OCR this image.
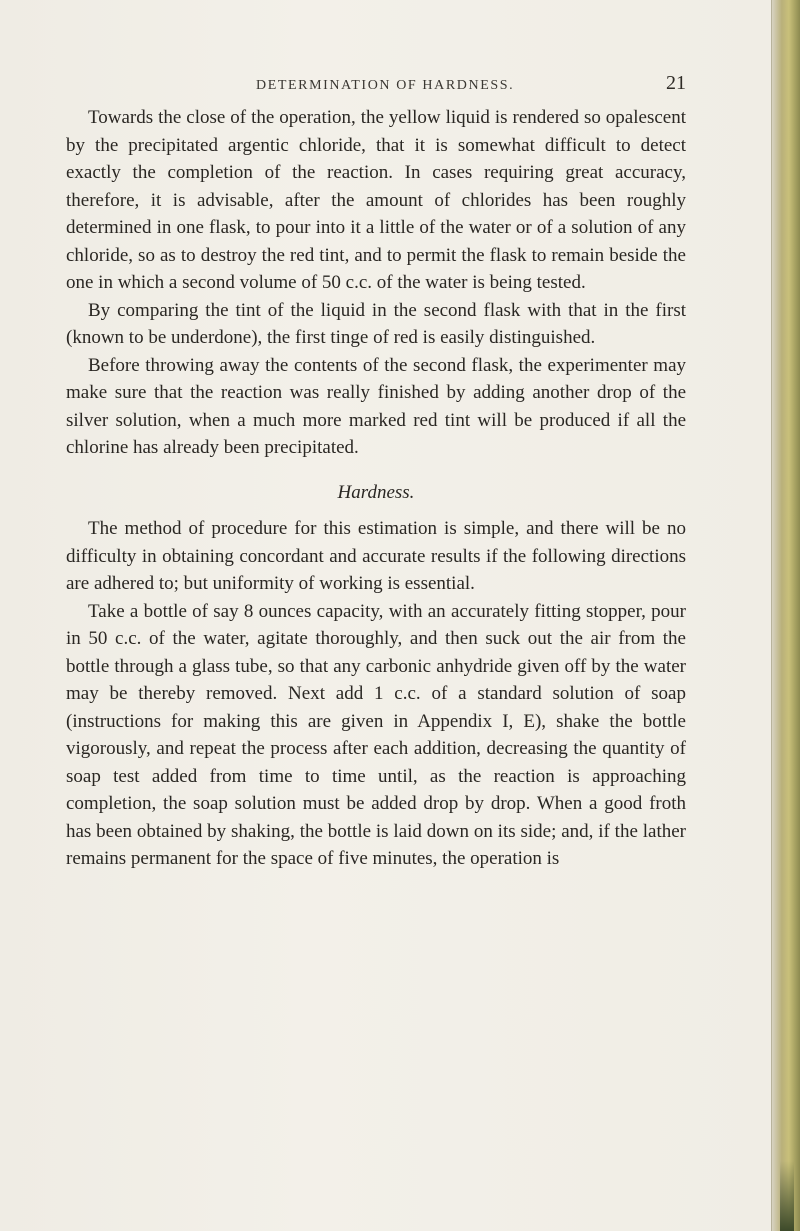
DETERMINATION OF HARDNESS.	21

Towards the close of the operation, the yellow liquid is rendered so opalescent by the precipitated argentic chloride, that it is somewhat difficult to detect exactly the completion of the reaction. In cases requiring great accuracy, therefore, it is advisable, after the amount of chlorides has been roughly determined in one flask, to pour into it a little of the water or of a solution of any chloride, so as to destroy the red tint, and to permit the flask to remain beside the one in which a second volume of 50 c.c. of the water is being tested.

By comparing the tint of the liquid in the second flask with that in the first (known to be underdone), the first tinge of red is easily distinguished.

Before throwing away the contents of the second flask, the experimenter may make sure that the reaction was really finished by adding another drop of the silver solution, when a much more marked red tint will be produced if all the chlorine has already been precipitated.

Hardness.

The method of procedure for this estimation is simple, and there will be no difficulty in obtaining concordant and accurate results if the following directions are adhered to; but uniformity of working is essential.

Take a bottle of say 8 ounces capacity, with an accurately fitting stopper, pour in 50 c.c. of the water, agitate thoroughly, and then suck out the air from the bottle through a glass tube, so that any carbonic anhydride given off by the water may be thereby removed. Next add 1 c.c. of a standard solution of soap (instructions for making this are given in Appendix I, E), shake the bottle vigorously, and repeat the process after each addition, decreasing the quantity of soap test added from time to time until, as the reaction is approaching completion, the soap solution must be added drop by drop. When a good froth has been obtained by shaking, the bottle is laid down on its side; and, if the lather remains permanent for the space of five minutes, the operation is
